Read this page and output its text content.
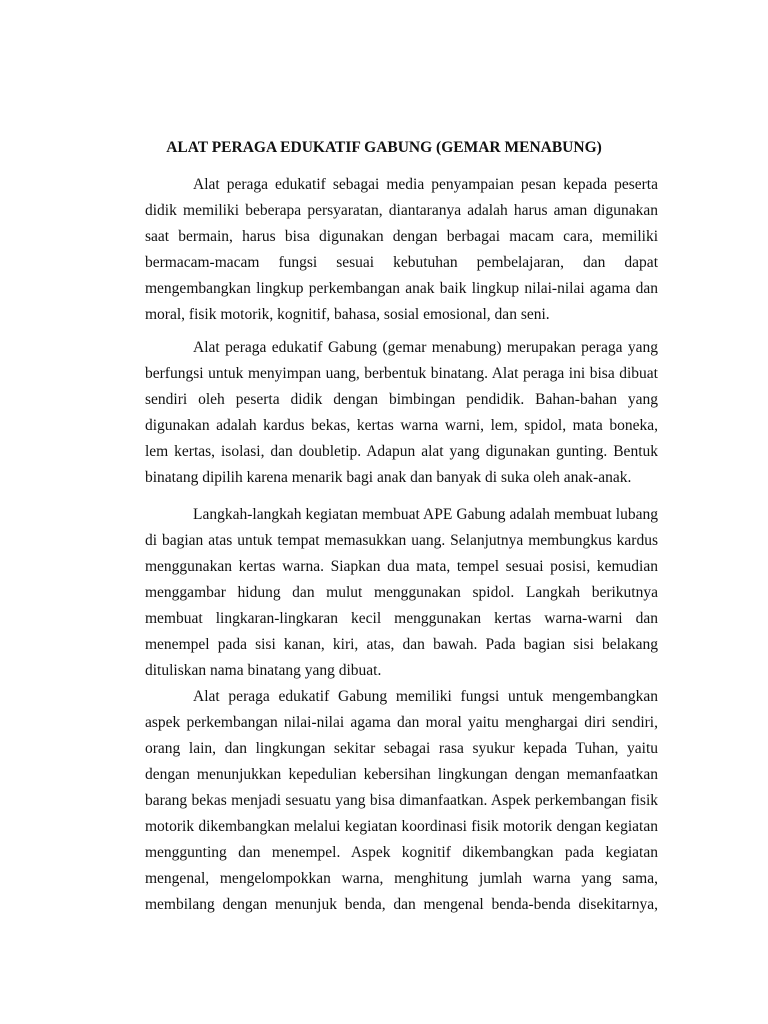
ALAT PERAGA EDUKATIF GABUNG (GEMAR MENABUNG)
Alat peraga edukatif sebagai media penyampaian pesan kepada peserta
didik memiliki beberapa persyaratan, diantaranya adalah harus aman digunakan
saat bermain, harus bisa digunakan dengan berbagai macam cara, memiliki
bermacam-macam fungsi sesuai kebutuhan pembelajaran, dan dapat
mengembangkan lingkup perkembangan anak baik lingkup nilai-nilai agama dan
moral, fisik motorik, kognitif, bahasa, sosial emosional, dan seni.
Alat peraga edukatif Gabung (gemar menabung) merupakan peraga yang
berfungsi untuk menyimpan uang, berbentuk binatang. Alat peraga ini bisa dibuat
sendiri oleh peserta didik dengan bimbingan pendidik. Bahan-bahan yang
digunakan adalah kardus bekas, kertas warna warni, lem, spidol, mata boneka,
lem kertas, isolasi, dan doubletip. Adapun alat yang digunakan gunting. Bentuk
binatang dipilih karena menarik bagi anak dan banyak di suka oleh anak-anak.
Langkah-langkah kegiatan membuat APE Gabung adalah membuat lubang
di bagian atas untuk tempat memasukkan uang. Selanjutnya membungkus kardus
menggunakan kertas warna. Siapkan dua mata, tempel sesuai posisi, kemudian
menggambar hidung dan mulut menggunakan spidol. Langkah berikutnya
membuat lingkaran-lingkaran kecil menggunakan kertas warna-warni dan
menempel pada sisi kanan, kiri, atas, dan bawah. Pada bagian sisi belakang
dituliskan nama binatang yang dibuat.
Alat peraga edukatif Gabung memiliki fungsi untuk mengembangkan
aspek perkembangan nilai-nilai agama dan moral yaitu menghargai diri sendiri,
orang lain, dan lingkungan sekitar sebagai rasa syukur kepada Tuhan, yaitu
dengan menunjukkan kepedulian kebersihan lingkungan dengan memanfaatkan
barang bekas menjadi sesuatu yang bisa dimanfaatkan. Aspek perkembangan fisik
motorik dikembangkan melalui kegiatan koordinasi fisik motorik dengan kegiatan
menggunting dan menempel. Aspek kognitif dikembangkan pada kegiatan
mengenal, mengelompokkan warna, menghitung jumlah warna yang sama,
membilang dengan menunjuk benda, dan mengenal benda-benda disekitarnya,
